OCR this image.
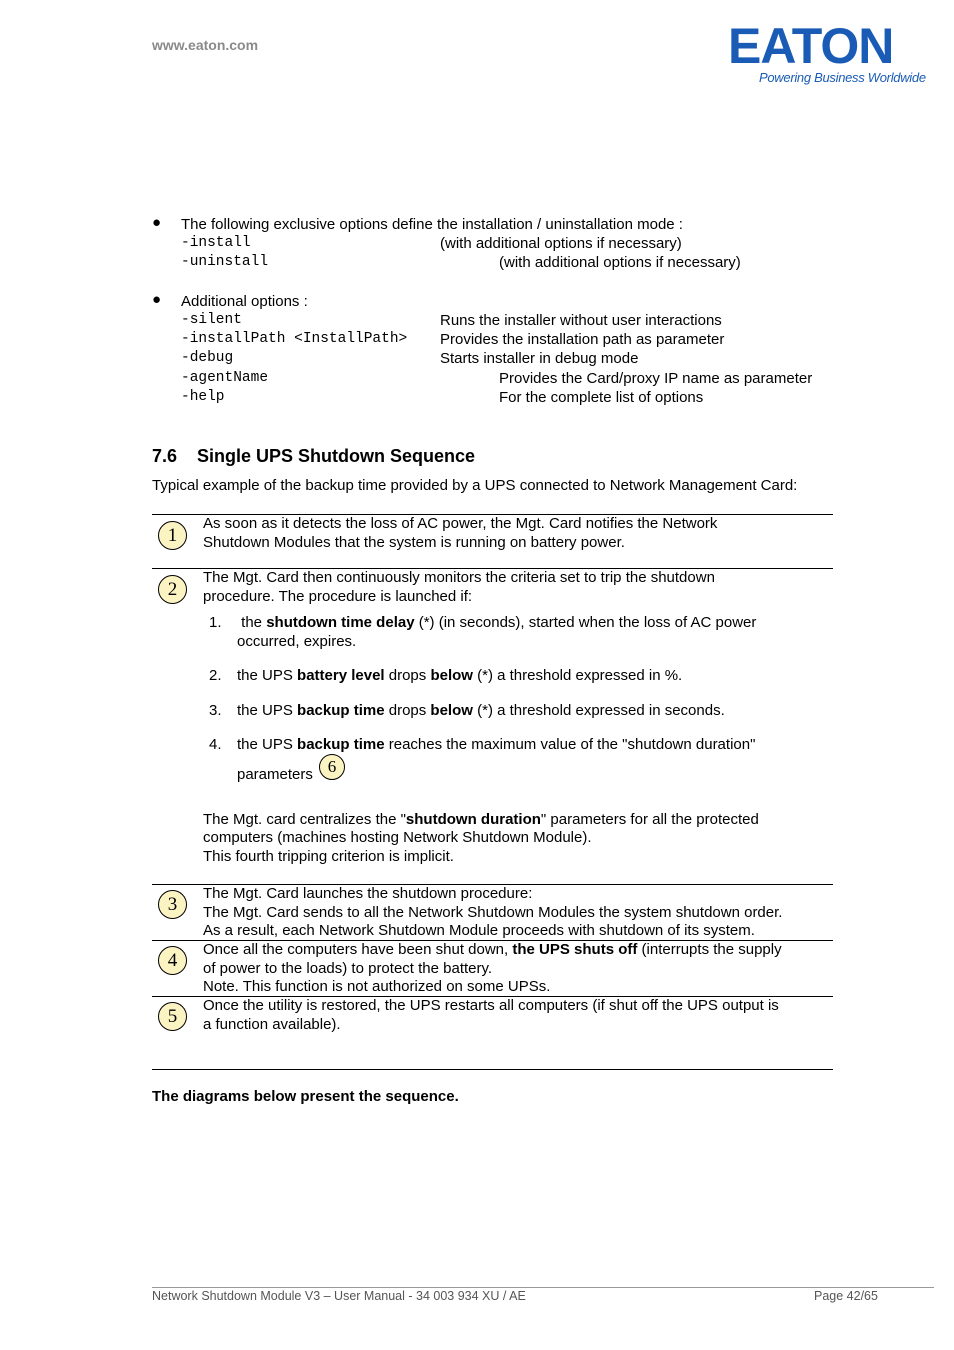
www.eaton.com	EATON
Powering Business Worldwide
● The following exclusive options define the installation / uninstallation mode :
-install	(with additional options if necessary)
-uninstall	(with additional options if necessary)
● Additional options :
-silent	Runs the installer without user interactions
-installPath <InstallPath> Provides the installation path as parameter
-debug	Starts installer in debug mode
-agentName	Provides the Card/proxy IP name as parameter
-help	For the complete list of options
7.6 Single UPS Shutdown Sequence
Typical example of the backup time provided by a UPS connected to Network Management Card:
1
As soon as it detects the loss of AC power, the Mgt. Card notifies the Network
Shutdown Modules that the system is running on battery power.
2
The Mgt. Card then continuously monitors the criteria set to trip the shutdown
procedure. The procedure is launched if:
1. the shutdown time delay (*) (in seconds), started when the loss of AC power
occurred, expires.
2. the UPS battery level drops below (*) a threshold expressed in %.
3. the UPS backup time drops below (*) a threshold expressed in seconds.
4. the UPS backup time reaches the maximum value of the "shutdown duration"
parameters 6
The Mgt. card centralizes the "shutdown duration" parameters for all the protected
computers (machines hosting Network Shutdown Module).
This fourth tripping criterion is implicit.
3
The Mgt. Card launches the shutdown procedure:
The Mgt. Card sends to all the Network Shutdown Modules the system shutdown order.
As a result, each Network Shutdown Module proceeds with shutdown of its system.
4
Once all the computers have been shut down, the UPS shuts off (interrupts the supply
of power to the loads) to protect the battery.
Note. This function is not authorized on some UPSs.
5
Once the utility is restored, the UPS restarts all computers (if shut off the UPS output is
a function available).
The diagrams below present the sequence.
Network Shutdown Module V3 – User Manual - 34 003 934 XU / AE	Page 42/65
